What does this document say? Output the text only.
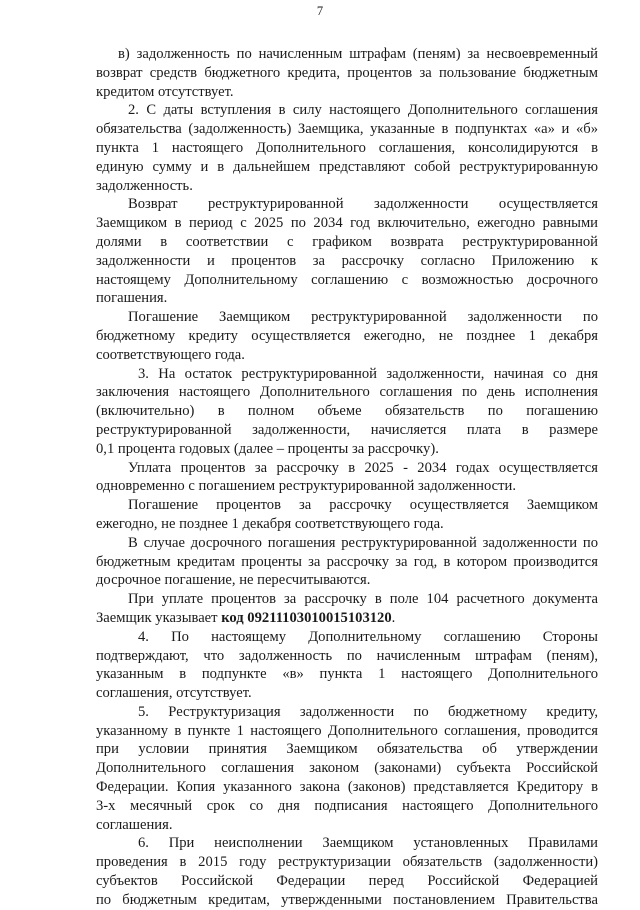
7
в) задолженность по начисленным штрафам (пеням) за несвоевременный
возврат средств бюджетного кредита, процентов за пользование бюджетным
кредитом отсутствует.
2. С даты вступления в силу настоящего Дополнительного соглашения
обязательства (задолженность) Заемщика, указанные в подпунктах «а» и «б»
пункта 1 настоящего Дополнительного соглашения, консолидируются в
единую сумму и в дальнейшем представляют собой реструктурированную
задолженность.
Возврат реструктурированной задолженности осуществляется
Заемщиком в период с 2025 по 2034 год включительно, ежегодно равными
долями в соответствии с графиком возврата реструктурированной
задолженности и процентов за рассрочку согласно Приложению к
настоящему Дополнительному соглашению с возможностью досрочного
погашения.
Погашение Заемщиком реструктурированной задолженности по
бюджетному кредиту осуществляется ежегодно, не позднее 1 декабря
соответствующего года.
3. На остаток реструктурированной задолженности, начиная со дня
заключения настоящего Дополнительного соглашения по день исполнения
(включительно) в полном объеме обязательств по погашению
реструктурированной задолженности, начисляется плата в размере
0,1 процента годовых (далее – проценты за рассрочку).
Уплата процентов за рассрочку в 2025 - 2034 годах осуществляется
одновременно с погашением реструктурированной задолженности.
Погашение процентов за рассрочку осуществляется Заемщиком
ежегодно, не позднее 1 декабря соответствующего года.
В случае досрочного погашения реструктурированной задолженности по
бюджетным кредитам проценты за рассрочку за год, в котором производится
досрочное погашение, не пересчитываются.
При уплате процентов за рассрочку в поле 104 расчетного документа
Заемщик указывает код 09211103010015103120.
4. По настоящему Дополнительному соглашению Стороны
подтверждают, что задолженность по начисленным штрафам (пеням),
указанным в подпункте «в» пункта 1 настоящего Дополнительного
соглашения, отсутствует.
5. Реструктуризация задолженности по бюджетному кредиту,
указанному в пункте 1 настоящего Дополнительного соглашения, проводится
при условии принятия Заемщиком обязательства об утверждении
Дополнительного соглашения законом (законами) субъекта Российской
Федерации. Копия указанного закона (законов) представляется Кредитору в
3-х месячный срок со дня подписания настоящего Дополнительного
соглашения.
6. При неисполнении Заемщиком установленных Правилами
проведения в 2015 году реструктуризации обязательств (задолженности)
субъектов Российской Федерации перед Российской Федерацией
по бюджетным кредитам, утвержденными постановлением Правительства
